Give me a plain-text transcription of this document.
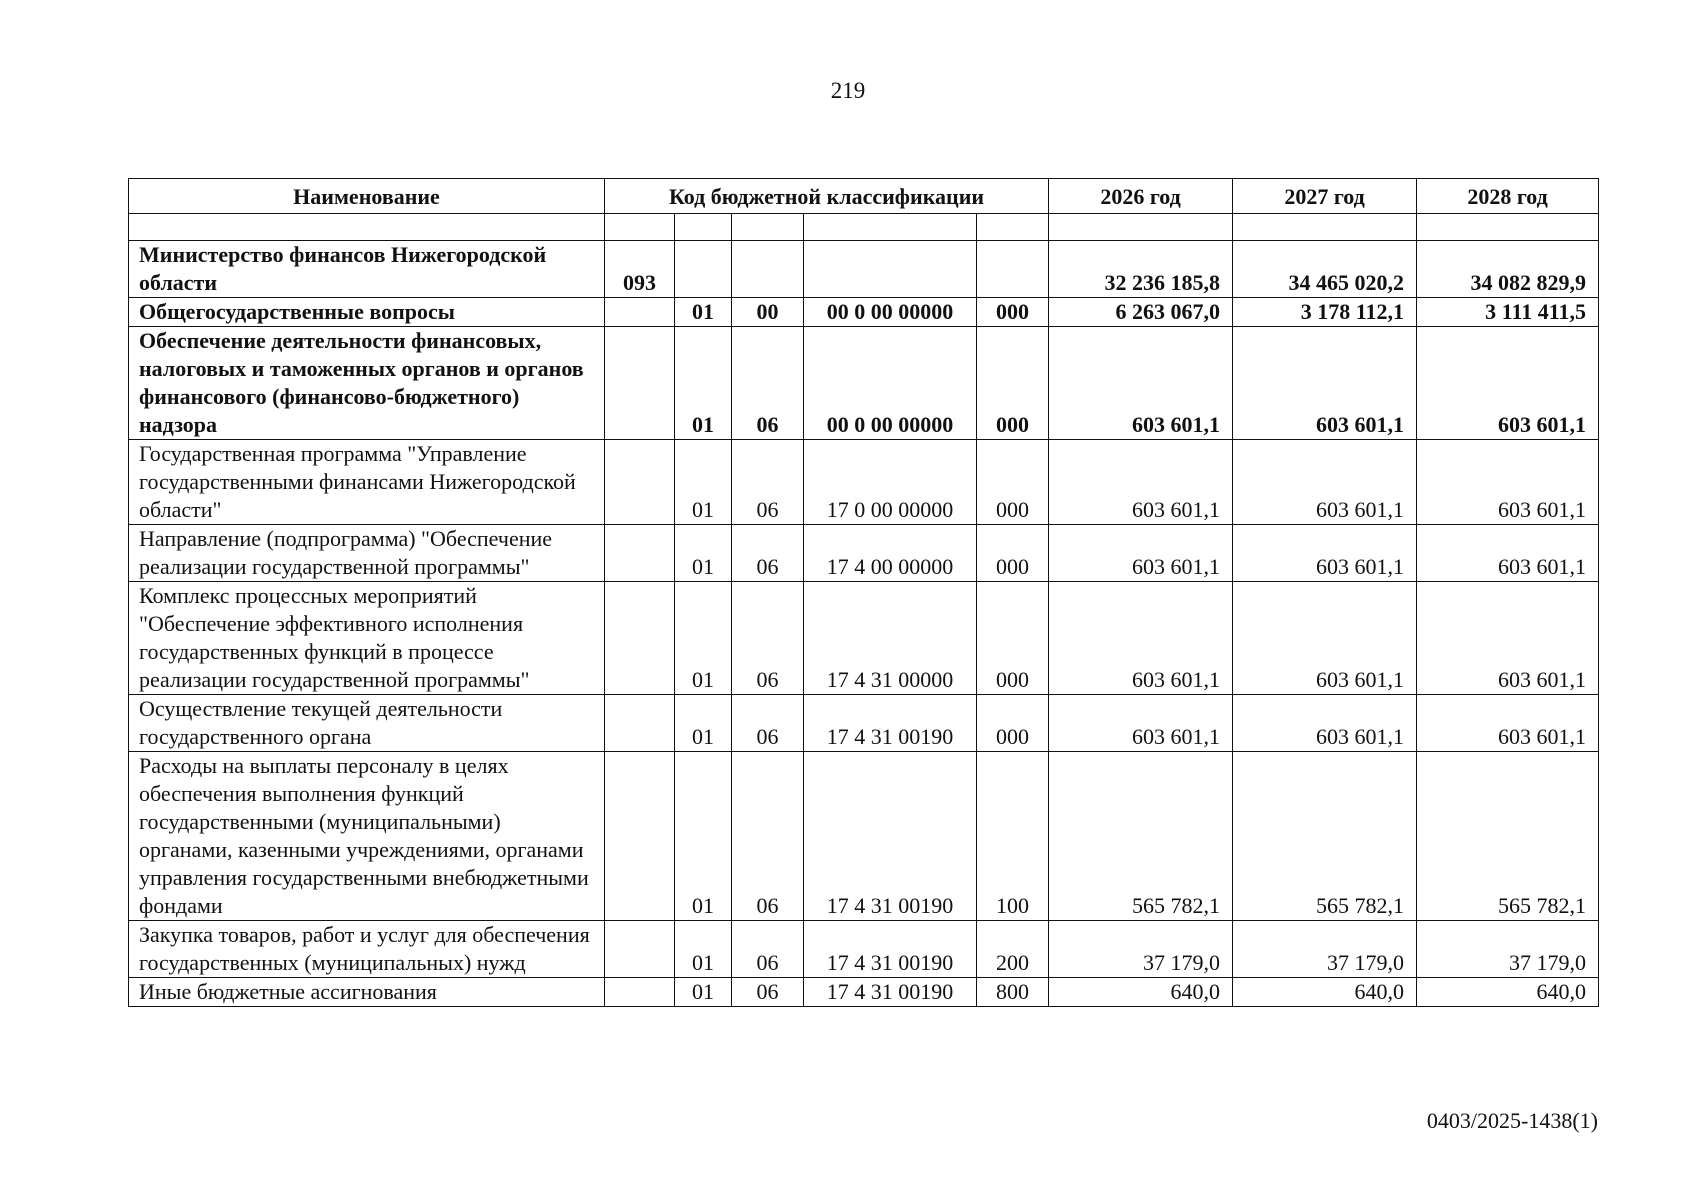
219
Наименование	Код бюджетной классификации					2026 год	2027 год	2028 год

Министерство финансов Нижегородской области	093					32 236 185,8	34 465 020,2	34 082 829,9
Общегосударственные вопросы		01	00	00 0 00 00000	000	6 263 067,0	3 178 112,1	3 111 411,5
Обеспечение деятельности финансовых, налоговых и таможенных органов и органов финансового (финансово-бюджетного) надзора		01	06	00 0 00 00000	000	603 601,1	603 601,1	603 601,1
Государственная программа "Управление государственными финансами Нижегородской области"		01	06	17 0 00 00000	000	603 601,1	603 601,1	603 601,1
Направление (подпрограмма) "Обеспечение реализации государственной программы"		01	06	17 4 00 00000	000	603 601,1	603 601,1	603 601,1
Комплекс процессных мероприятий "Обеспечение эффективного исполнения государственных функций в процессе реализации государственной программы"		01	06	17 4 31 00000	000	603 601,1	603 601,1	603 601,1
Осуществление текущей деятельности государственного органа		01	06	17 4 31 00190	000	603 601,1	603 601,1	603 601,1
Расходы на выплаты персоналу в целях обеспечения выполнения функций государственными (муниципальными) органами, казенными учреждениями, органами управления государственными внебюджетными фондами		01	06	17 4 31 00190	100	565 782,1	565 782,1	565 782,1
Закупка товаров, работ и услуг для обеспечения государственных (муниципальных) нужд		01	06	17 4 31 00190	200	37 179,0	37 179,0	37 179,0
Иные бюджетные ассигнования		01	06	17 4 31 00190	800	640,0	640,0	640,0
0403/2025-1438(1)
